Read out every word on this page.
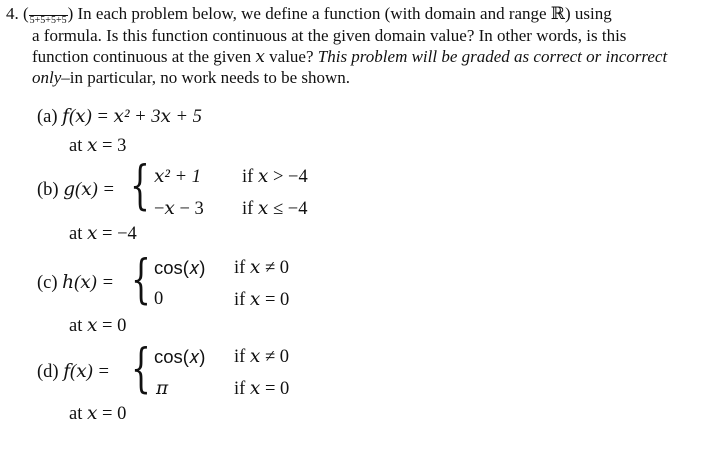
4. (
5+5+5+5 ) In each problem below, we define a function (with domain and range ℝ) using
a formula. Is this function continuous at the given domain value? In other words, is this
function continuous at the given 𝑥 value? This problem will be graded as correct or incorrect
only–in particular, no work needs to be shown.
(a) 𝑓(𝑥) = 𝑥² + 3𝑥 + 5
at 𝑥 = 3
(b) 𝑔(𝑥) = { 𝑥² + 1 if 𝑥 > −4
−𝑥 − 3 if 𝑥 ≤ −4
at 𝑥 = −4
(c) ℎ(𝑥) = { cos(𝑥) if 𝑥 ≠ 0
0	if 𝑥 = 0
at 𝑥 = 0
(d) 𝑓(𝑥) = { cos(𝑥) if 𝑥 ≠ 0
𝜋	if 𝑥 = 0
at 𝑥 = 0
